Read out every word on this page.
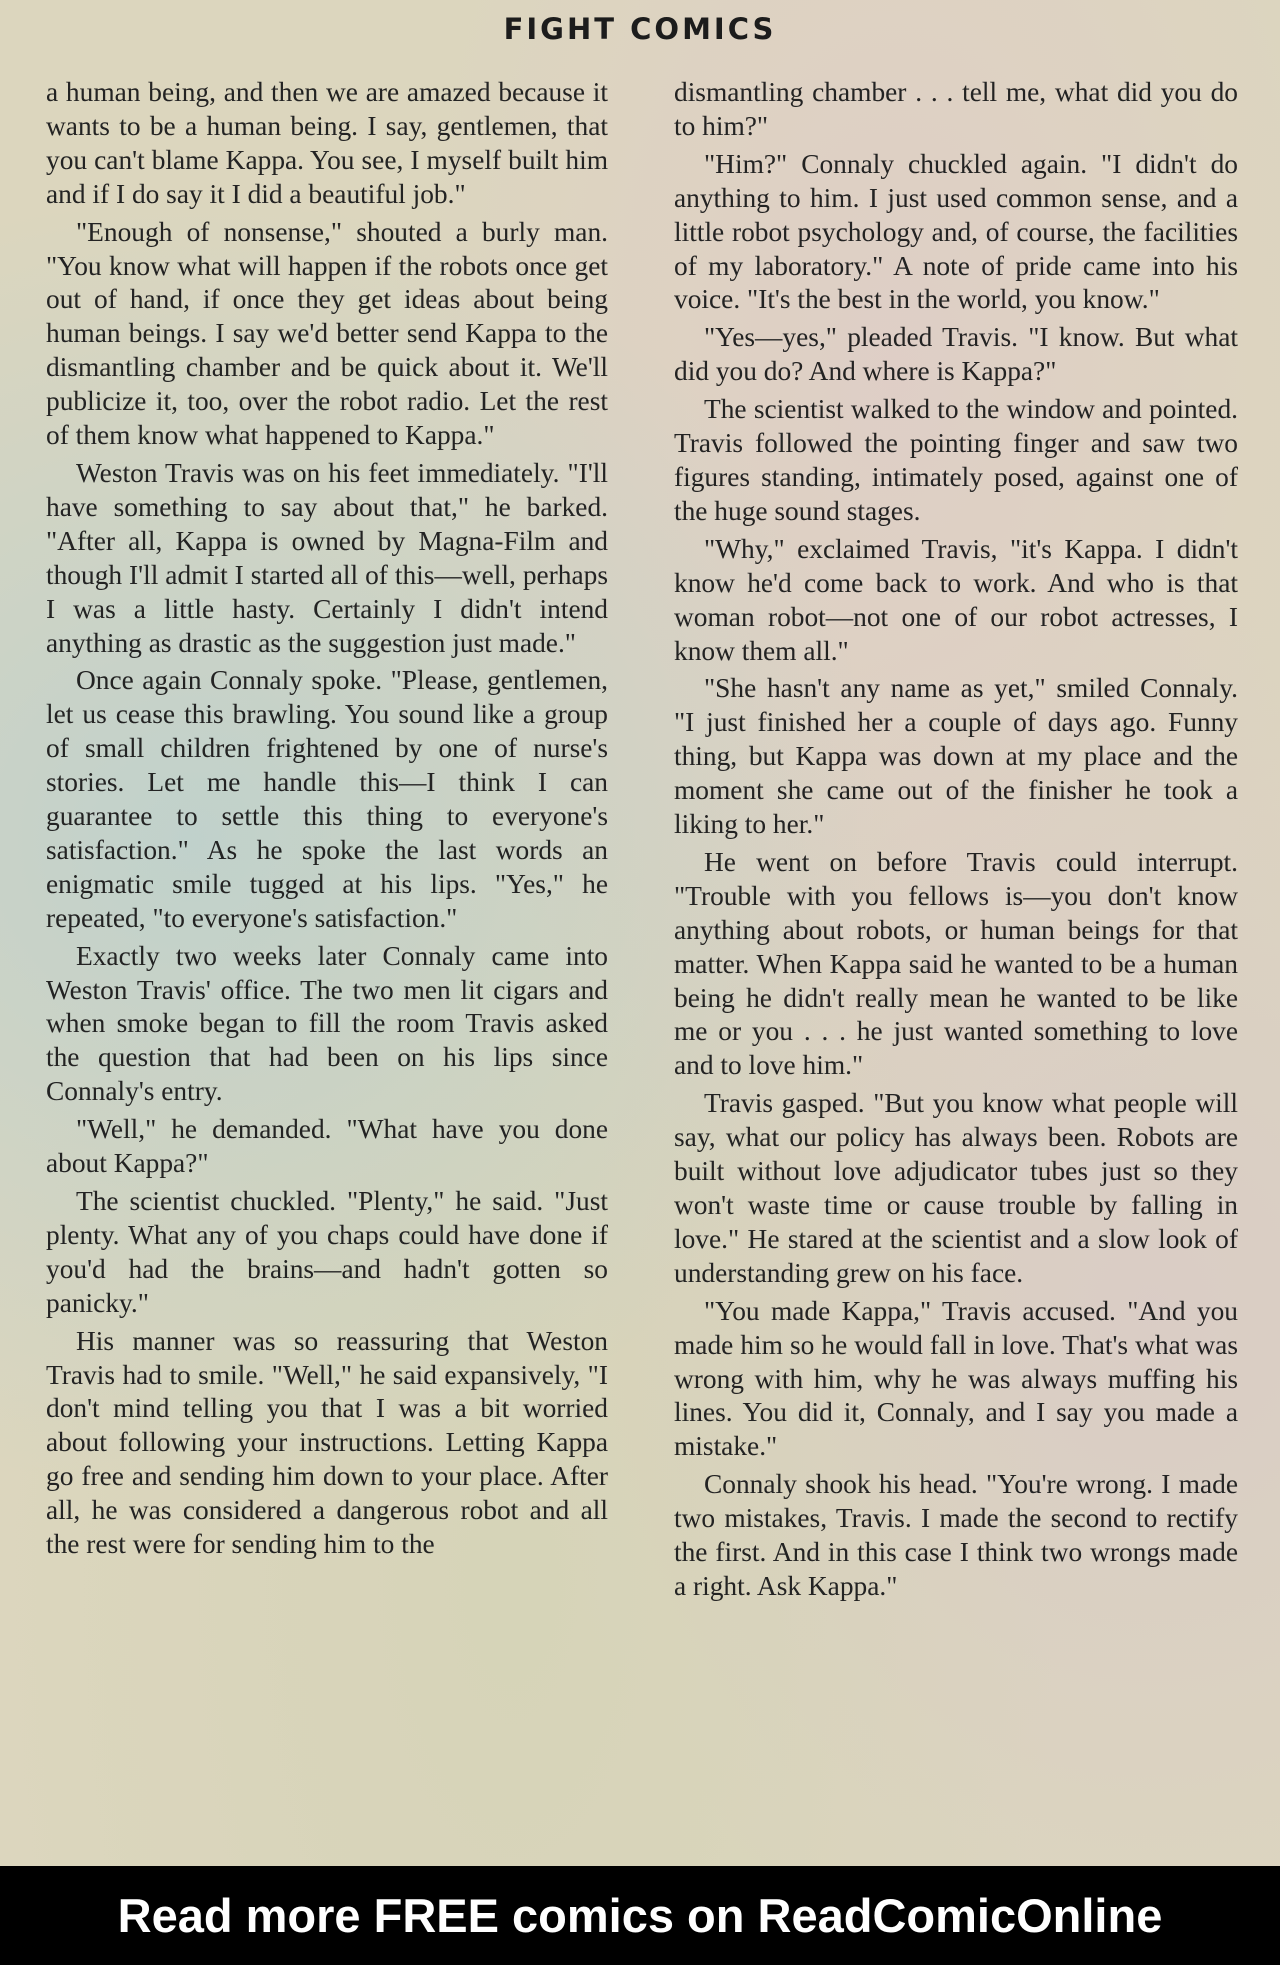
FIGHT COMICS

a human being, and then we are amazed because it wants to be a human being. I say, gentlemen, that you can't blame Kappa. You see, I myself built him and if I do say it I did a beautiful job."

"Enough of nonsense," shouted a burly man. "You know what will happen if the robots once get out of hand, if once they get ideas about being human beings. I say we'd better send Kappa to the dismantling chamber and be quick about it. We'll publicize it, too, over the robot radio. Let the rest of them know what happened to Kappa."

Weston Travis was on his feet immediately. "I'll have something to say about that," he barked. "After all, Kappa is owned by Magna-Film and though I'll admit I started all of this—well, perhaps I was a little hasty. Certainly I didn't intend anything as drastic as the suggestion just made."

Once again Connaly spoke. "Please, gentlemen, let us cease this brawling. You sound like a group of small children frightened by one of nurse's stories. Let me handle this—I think I can guarantee to settle this thing to everyone's satisfaction." As he spoke the last words an enigmatic smile tugged at his lips. "Yes," he repeated, "to everyone's satisfaction."

Exactly two weeks later Connaly came into Weston Travis' office. The two men lit cigars and when smoke began to fill the room Travis asked the question that had been on his lips since Connaly's entry.

"Well," he demanded. "What have you done about Kappa?"

The scientist chuckled. "Plenty," he said. "Just plenty. What any of you chaps could have done if you'd had the brains—and hadn't gotten so panicky."

His manner was so reassuring that Weston Travis had to smile. "Well," he said expansively, "I don't mind telling you that I was a bit worried about following your instructions. Letting Kappa go free and sending him down to your place. After all, he was considered a dangerous robot and all the rest were for sending him to the

dismantling chamber . . . tell me, what did you do to him?"

"Him?" Connaly chuckled again. "I didn't do anything to him. I just used common sense, and a little robot psychology and, of course, the facilities of my laboratory." A note of pride came into his voice. "It's the best in the world, you know."

"Yes—yes," pleaded Travis. "I know. But what did you do? And where is Kappa?"

The scientist walked to the window and pointed. Travis followed the pointing finger and saw two figures standing, intimately posed, against one of the huge sound stages.

"Why," exclaimed Travis, "it's Kappa. I didn't know he'd come back to work. And who is that woman robot—not one of our robot actresses, I know them all."

"She hasn't any name as yet," smiled Connaly. "I just finished her a couple of days ago. Funny thing, but Kappa was down at my place and the moment she came out of the finisher he took a liking to her."

He went on before Travis could interrupt. "Trouble with you fellows is—you don't know anything about robots, or human beings for that matter. When Kappa said he wanted to be a human being he didn't really mean he wanted to be like me or you . . . he just wanted something to love and to love him."

Travis gasped. "But you know what people will say, what our policy has always been. Robots are built without love adjudicator tubes just so they won't waste time or cause trouble by falling in love." He stared at the scientist and a slow look of understanding grew on his face.

"You made Kappa," Travis accused. "And you made him so he would fall in love. That's what was wrong with him, why he was always muffing his lines. You did it, Connaly, and I say you made a mistake."

Connaly shook his head. "You're wrong. I made two mistakes, Travis. I made the second to rectify the first. And in this case I think two wrongs made a right. Ask Kappa."

Read more FREE comics on ReadComicOnline
